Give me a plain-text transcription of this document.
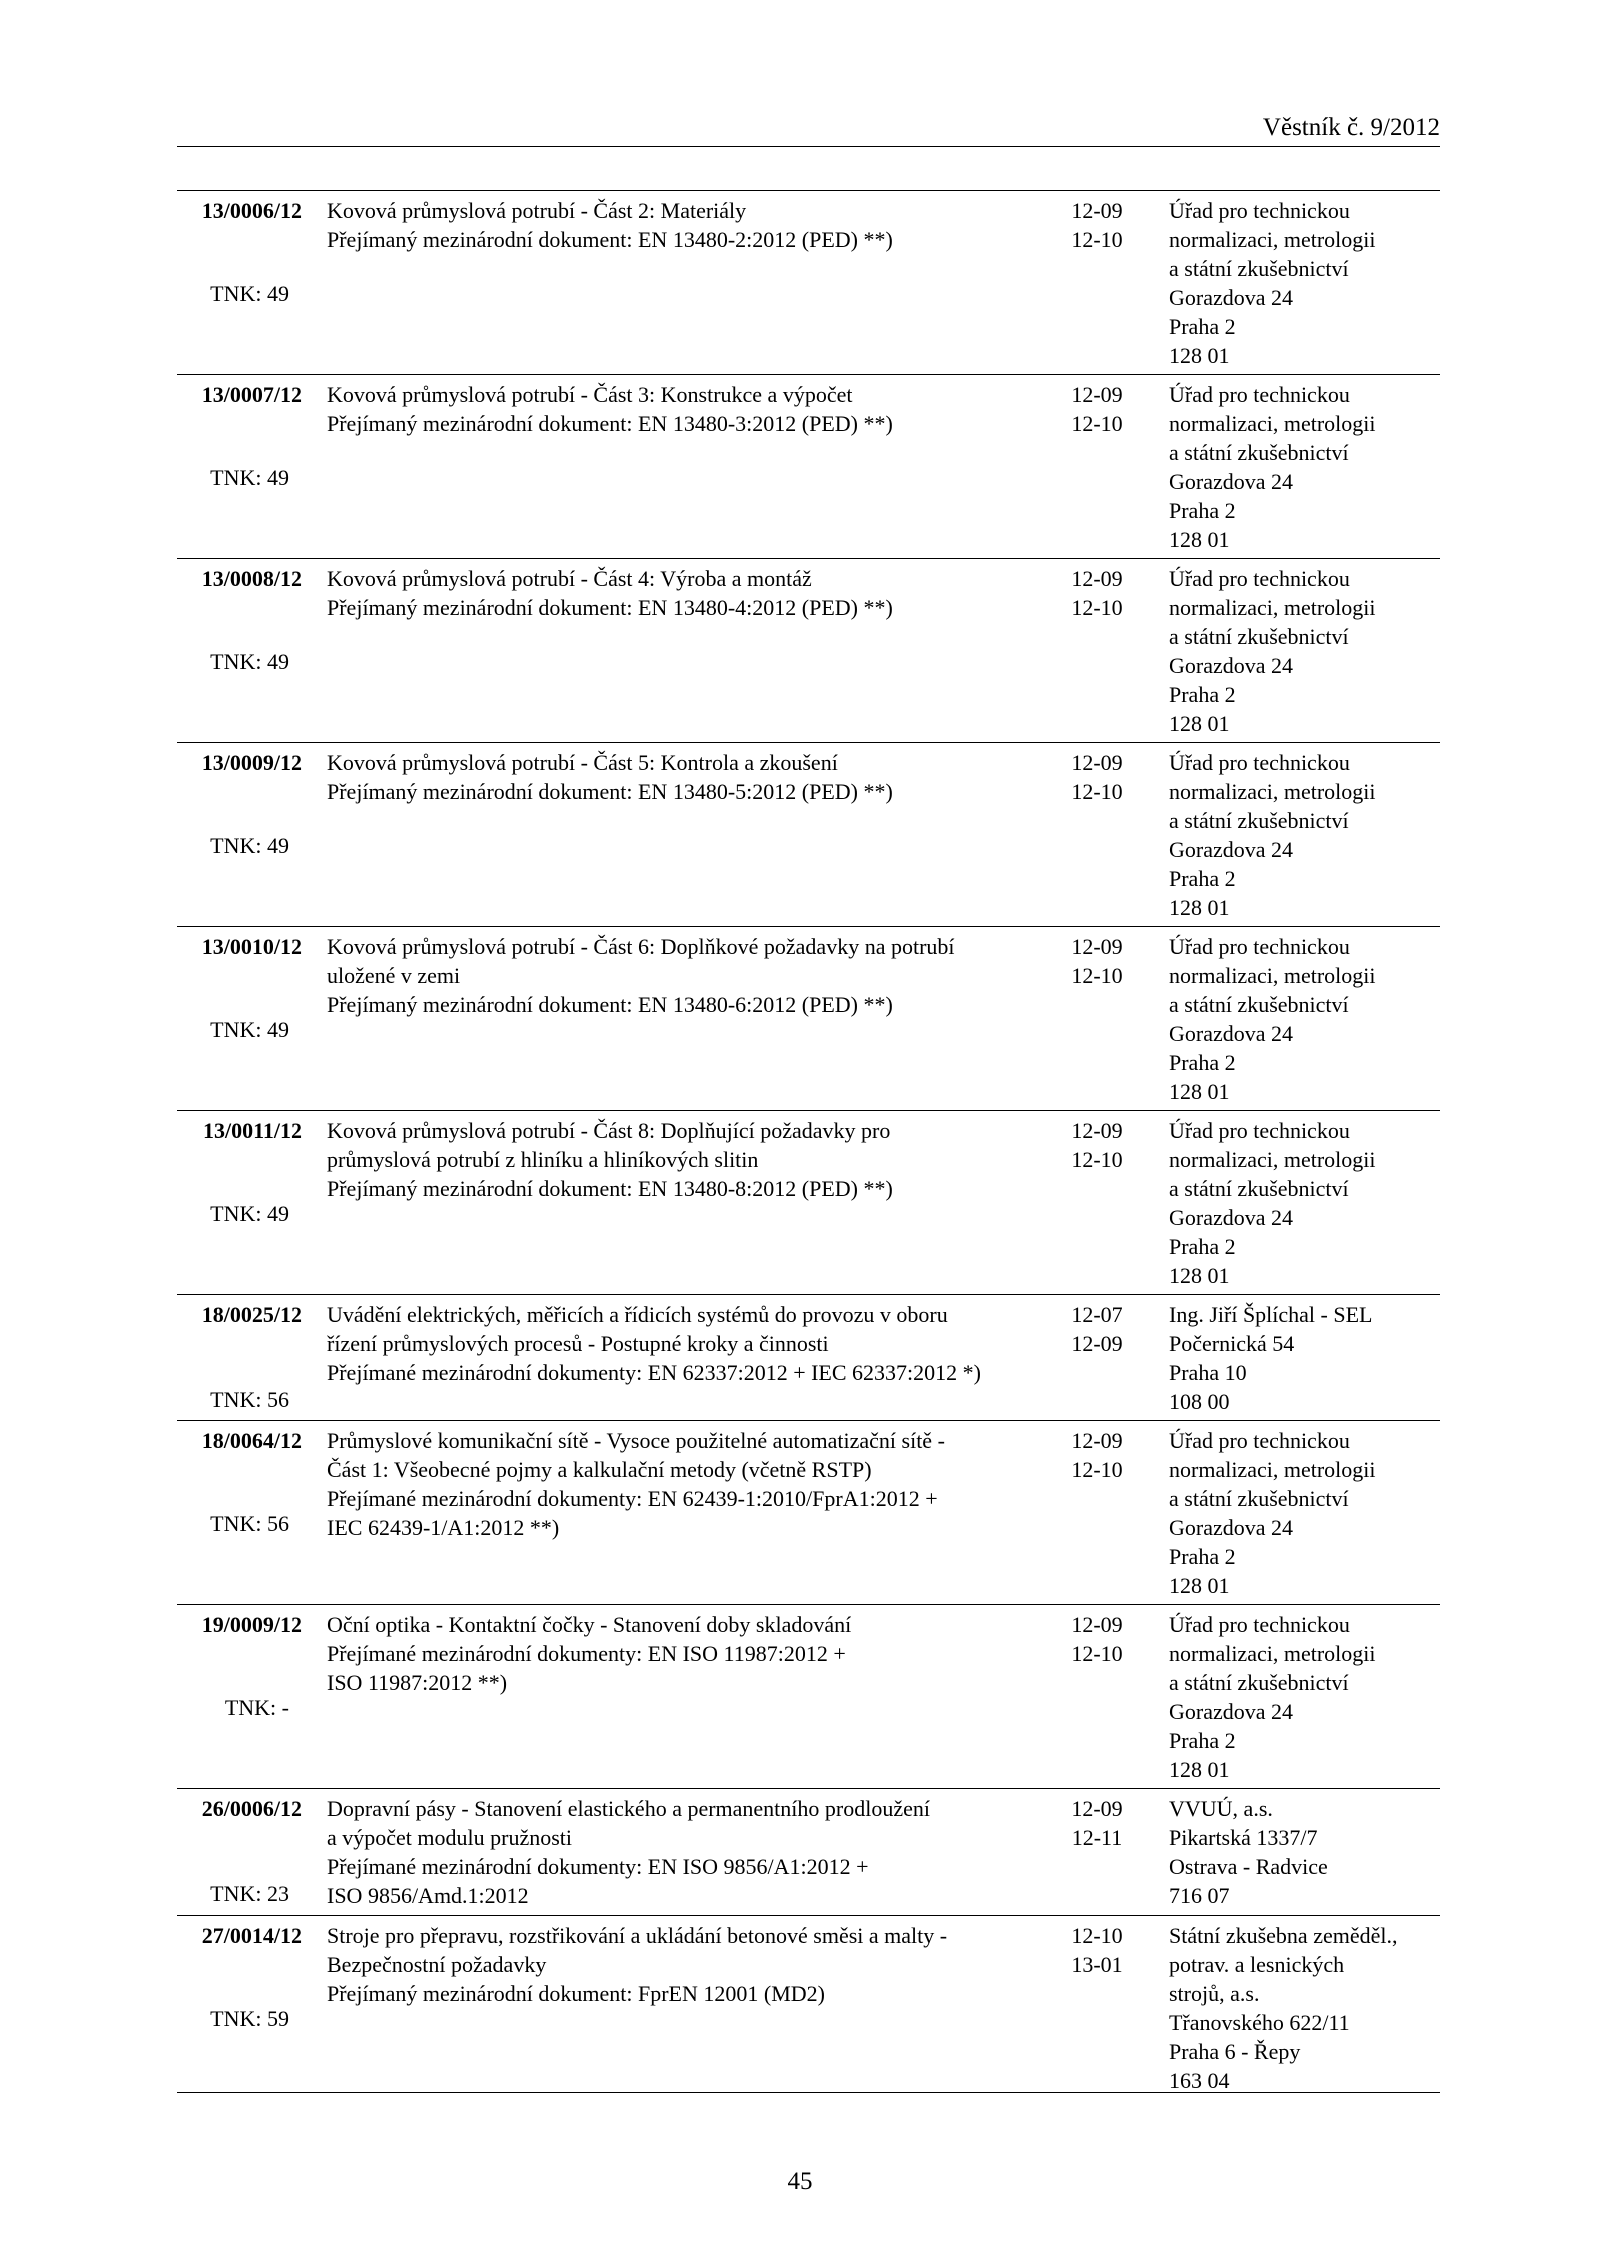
Věstník č. 9/2012
13/0006/12
TNK: 49
Kovová průmyslová potrubí - Část 2: Materiály
Přejímaný mezinárodní dokument: EN 13480-2:2012 (PED) **)
12-09
12-10
Úřad pro technickou
normalizaci, metrologii
a státní zkušebnictví
Gorazdova 24
Praha 2
128 01
13/0007/12
TNK: 49
Kovová průmyslová potrubí - Část 3: Konstrukce a výpočet
Přejímaný mezinárodní dokument: EN 13480-3:2012 (PED) **)
12-09
12-10
Úřad pro technickou
normalizaci, metrologii
a státní zkušebnictví
Gorazdova 24
Praha 2
128 01
13/0008/12
TNK: 49
Kovová průmyslová potrubí - Část 4: Výroba a montáž
Přejímaný mezinárodní dokument: EN 13480-4:2012 (PED) **)
12-09
12-10
Úřad pro technickou
normalizaci, metrologii
a státní zkušebnictví
Gorazdova 24
Praha 2
128 01
13/0009/12
TNK: 49
Kovová průmyslová potrubí - Část 5: Kontrola a zkoušení
Přejímaný mezinárodní dokument: EN 13480-5:2012 (PED) **)
12-09
12-10
Úřad pro technickou
normalizaci, metrologii
a státní zkušebnictví
Gorazdova 24
Praha 2
128 01
13/0010/12
TNK: 49
Kovová průmyslová potrubí - Část 6: Doplňkové požadavky na potrubí
uložené v zemi
Přejímaný mezinárodní dokument: EN 13480-6:2012 (PED) **)
12-09
12-10
Úřad pro technickou
normalizaci, metrologii
a státní zkušebnictví
Gorazdova 24
Praha 2
128 01
13/0011/12
TNK: 49
Kovová průmyslová potrubí - Část 8: Doplňující požadavky pro
průmyslová potrubí z hliníku a hliníkových slitin
Přejímaný mezinárodní dokument: EN 13480-8:2012 (PED) **)
12-09
12-10
Úřad pro technickou
normalizaci, metrologii
a státní zkušebnictví
Gorazdova 24
Praha 2
128 01
18/0025/12
TNK: 56
Uvádění elektrických, měřicích a řídicích systémů do provozu v oboru
řízení průmyslových procesů - Postupné kroky a činnosti
Přejímané mezinárodní dokumenty: EN 62337:2012 + IEC 62337:2012 *)
12-07
12-09
Ing. Jiří Šplíchal - SEL
Počernická 54
Praha 10
108 00
18/0064/12
TNK: 56
Průmyslové komunikační sítě - Vysoce použitelné automatizační sítě -
Část 1: Všeobecné pojmy a kalkulační metody (včetně RSTP)
Přejímané mezinárodní dokumenty: EN 62439-1:2010/FprA1:2012 +
IEC 62439-1/A1:2012 **)
12-09
12-10
Úřad pro technickou
normalizaci, metrologii
a státní zkušebnictví
Gorazdova 24
Praha 2
128 01
19/0009/12
TNK: -
Oční optika - Kontaktní čočky - Stanovení doby skladování
Přejímané mezinárodní dokumenty: EN ISO 11987:2012 +
ISO 11987:2012 **)
12-09
12-10
Úřad pro technickou
normalizaci, metrologii
a státní zkušebnictví
Gorazdova 24
Praha 2
128 01
26/0006/12
TNK: 23
Dopravní pásy - Stanovení elastického a permanentního prodloužení
a výpočet modulu pružnosti
Přejímané mezinárodní dokumenty: EN ISO 9856/A1:2012 +
ISO 9856/Amd.1:2012
12-09
12-11
VVUÚ, a.s.
Pikartská 1337/7
Ostrava - Radvice
716 07
27/0014/12
TNK: 59
Stroje pro přepravu, rozstřikování a ukládání betonové směsi a malty -
Bezpečnostní požadavky
Přejímaný mezinárodní dokument: FprEN 12001 (MD2)
12-10
13-01
Státní zkušebna zeměděl.,
potrav. a lesnických
strojů, a.s.
Třanovského 622/11
Praha 6 - Řepy
163 04
45
